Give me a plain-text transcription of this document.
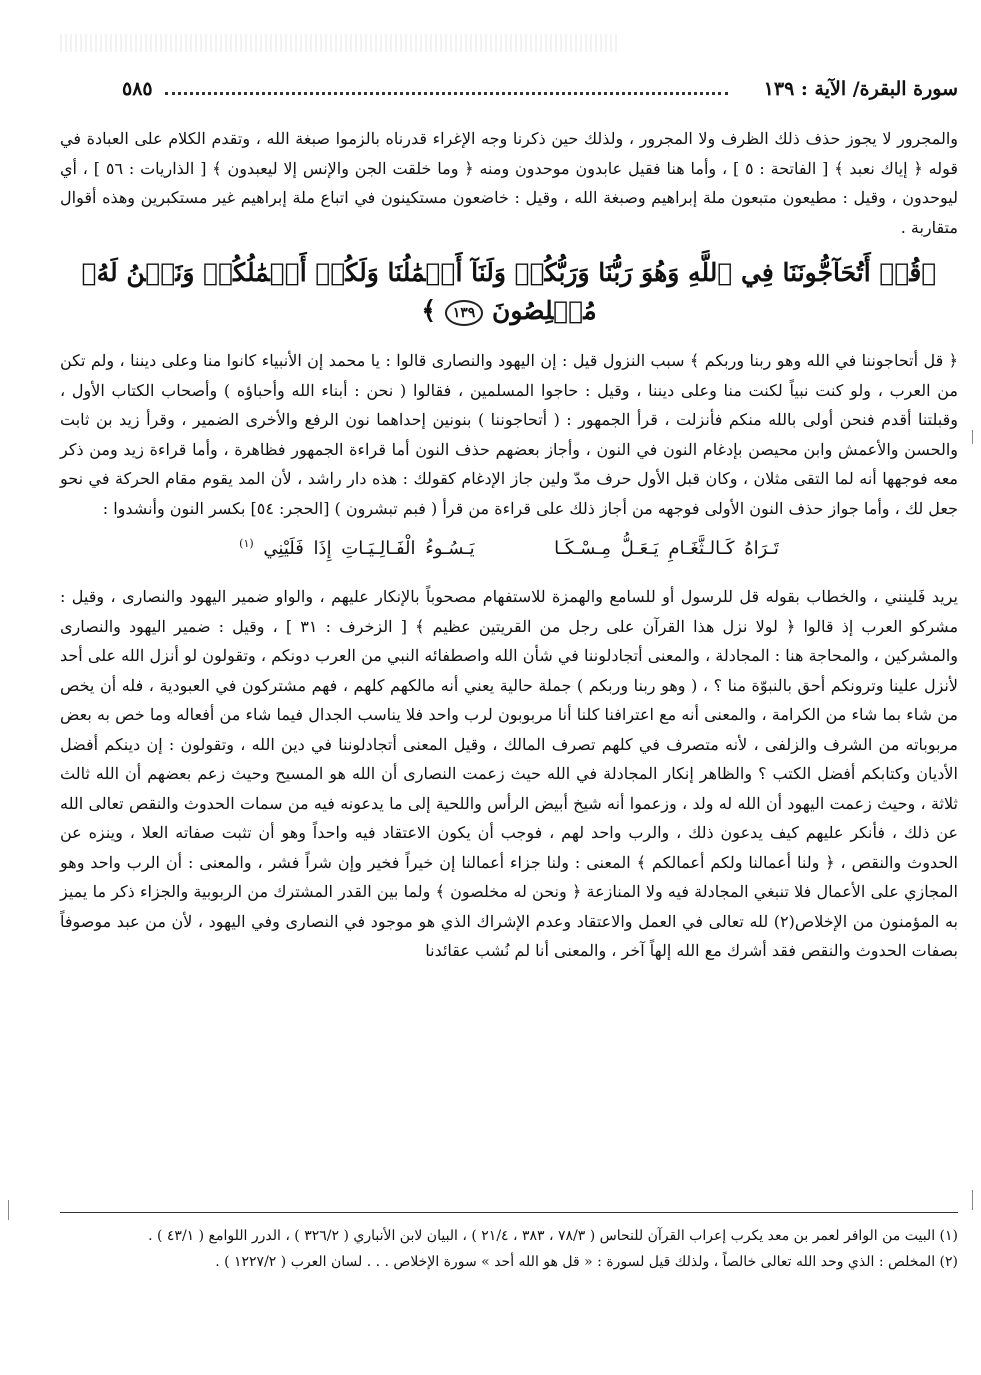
سورة البقرة/ الآية : ١٣٩
٥٨٥

والمجرور لا يجوز حذف ذلك الظرف ولا المجرور ، ولذلك حين ذكرنا وجه الإغراء قدرناه بالزموا صبغة الله ، وتقدم الكلام على العبادة في قوله ﴿ إياك نعبد ﴾ [ الفاتحة : ٥ ] ، وأما هنا فقيل عابدون موحدون ومنه ﴿ وما خلقت الجن والإنس إلا ليعبدون ﴾ [ الذاريات : ٥٦ ] ، أي ليوحدون ، وقيل : مطيعون متبعون ملة إبراهيم وصبغة الله ، وقيل : خاضعون مستكينون في اتباع ملة إبراهيم غير مستكبرين وهذه أقوال متقاربة .

﴿قُلۡ أَتُحَآجُّونَنَا فِي ٱللَّهِ وَهُوَ رَبُّنَا وَرَبُّكُمۡ وَلَنَآ أَعۡمَٰلُنَا وَلَكُمۡ أَعۡمَٰلُكُمۡ وَنَحۡنُ لَهُۥ مُخۡلِصُونَ ١٣٩ ﴾

﴿ قل أتحاجوننا في الله وهو ربنا وربكم ﴾ سبب النزول قيل : إن اليهود والنصارى قالوا : يا محمد إن الأنبياء كانوا منا وعلى ديننا ، ولم تكن من العرب ، ولو كنت نبياً لكنت منا وعلى ديننا ، وقيل : حاجوا المسلمين ، فقالوا ( نحن : أبناء الله وأحباؤه ) وأصحاب الكتاب الأول ، وقبلتنا أقدم فنحن أولى بالله منكم فأنزلت ، قرأ الجمهور : ( أتحاجوننا ) بنونين إحداهما نون الرفع والأخرى الضمير ، وقرأ زيد بن ثابت والحسن والأعمش وابن محيصن بإدغام النون في النون ، وأجاز بعضهم حذف النون أما قراءة الجمهور فظاهرة ، وأما قراءة زيد ومن ذكر معه فوجهها أنه لما التقى مثلان ، وكان قبل الأول حرف مدّ ولين جاز الإدغام كقولك : هذه دار راشد ، لأن المد يقوم مقام الحركة في نحو جعل لك ، وأما جواز حذف النون الأولى فوجهه من أجاز ذلك على قراءة من قرأ ( فبم تبشرون ) [الحجر: ٥٤] بكسر النون وأنشدوا :

تَـرَاهُ كَـالـثَّغَـامِ يَـعَـلُّ مِـسْـكَـا  يَـسُـوءُ الْفَـالِـيَـاتِ إِذَا فَلَيْنِي $^{(١)}$

يريد فَلينني ، والخطاب بقوله قل للرسول أو للسامع والهمزة للاستفهام مصحوباً بالإنكار عليهم ، والواو ضمير اليهود والنصارى ، وقيل : مشركو العرب إذ قالوا ﴿ لولا نزل هذا القرآن على رجل من القريتين عظيم ﴾ [ الزخرف : ٣١ ] ، وقيل : ضمير اليهود والنصارى والمشركين ، والمحاجة هنا : المجادلة ، والمعنى أتجادلوننا في شأن الله واصطفائه النبي من العرب دونكم ، وتقولون لو أنزل الله على أحد لأنزل علينا وترونكم أحق بالنبوّة منا ؟ ، ( وهو ربنا وربكم ) جملة حالية يعني أنه مالكهم كلهم ، فهم مشتركون في العبودية ، فله أن يخص من شاء بما شاء من الكرامة ، والمعنى أنه مع اعترافنا كلنا أنا مربوبون لرب واحد فلا يناسب الجدال فيما شاء من أفعاله وما خص به بعض مربوباته من الشرف والزلفى ، لأنه متصرف في كلهم تصرف المالك ، وقيل المعنى أتجادلوننا في دين الله ، وتقولون : إن دينكم أفضل الأديان وكتابكم أفضل الكتب ؟ والظاهر إنكار المجادلة في الله حيث زعمت النصارى أن الله هو المسيح وحيث زعم بعضهم أن الله ثالث ثلاثة ، وحيث زعمت اليهود أن الله له ولد ، وزعموا أنه شيخ أبيض الرأس واللحية إلى ما يدعونه فيه من سمات الحدوث والنقص تعالى الله عن ذلك ، فأنكر عليهم كيف يدعون ذلك ، والرب واحد لهم ، فوجب أن يكون الاعتقاد فيه واحداً وهو أن تثبت صفاته العلا ، وينزه عن الحدوث والنقص ، ﴿ ولنا أعمالنا ولكم أعمالكم ﴾ المعنى : ولنا جزاء أعمالنا إن خيراً فخير وإن شراً فشر ، والمعنى : أن الرب واحد وهو المجازي على الأعمال فلا تنبغي المجادلة فيه ولا المنازعة ﴿ ونحن له مخلصون ﴾ ولما بين القدر المشترك من الربوبية والجزاء ذكر ما يميز به المؤمنون من الإخلاص(٢) لله تعالى في العمل والاعتقاد وعدم الإشراك الذي هو موجود في النصارى وفي اليهود ، لأن من عبد موصوفاً بصفات الحدوث والنقص فقد أشرك مع الله إلهاً آخر ، والمعنى أنا لم نُشب عقائدنا

(١) البيت من الوافر لعمر بن معد يكرب إعراب القرآن للنحاس ( ٧٨/٣ ، ٣٨٣ ، ٢١/٤ ) ، البيان لابن الأنباري ( ٣٢٦/٢ ) ، الدرر اللوامع ( ٤٣/١ ) .

(٢) المخلص : الذي وحد الله تعالى خالصاً ، ولذلك قيل لسورة : « قل هو الله أحد » سورة الإخلاص . . . لسان العرب ( ١٢٢٧/٢ ) .
